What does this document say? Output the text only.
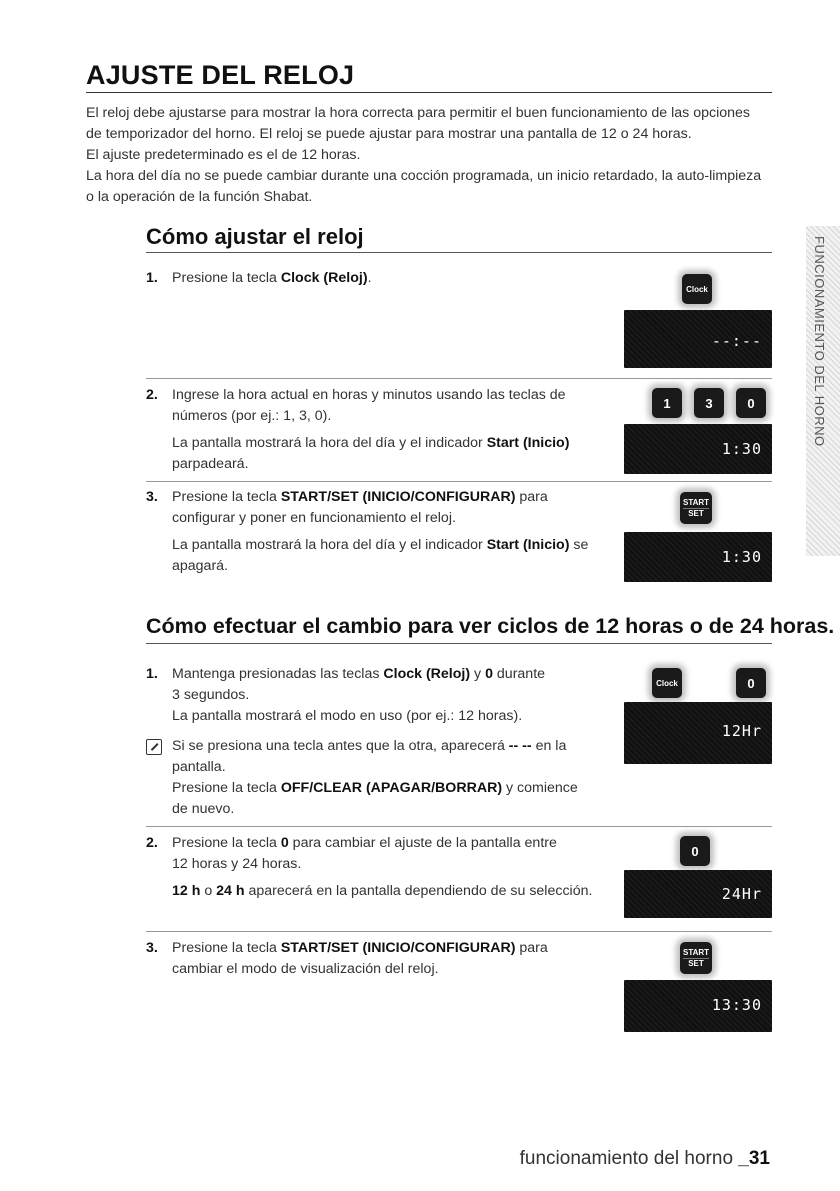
AJUSTE DEL RELOJ

El reloj debe ajustarse para mostrar la hora correcta para permitir el buen funcionamiento de las opciones

de temporizador del horno. El reloj se puede ajustar para mostrar una pantalla de 12 o 24 horas.

El ajuste predeterminado es el de 12 horas.

La hora del día no se puede cambiar durante una cocción programada, un inicio retardado, la auto-limpieza

o la operación de la función Shabat.

FUNCIONAMIENTO DEL HORNO
Cómo ajustar el reloj
1. Presione la tecla Clock (Reloj).

Clock
--:--
2. Ingrese la hora actual en horas y minutos usando las teclas de

números (por ej.: 1, 3, 0).

La pantalla mostrará la hora del día y el indicador Start (Inicio)

parpadeará.

1	3	0
1:30
3. Presione la tecla START/SET (INICIO/CONFIGURAR) para

configurar y poner en funcionamiento el reloj.

La pantalla mostrará la hora del día y el indicador Start (Inicio) se

apagará.

START
SET
1:30
Cómo efectuar el cambio para ver ciclos de 12 horas o de 24 horas.
1. Mantenga presionadas las teclas Clock (Reloj) y 0 durante

3 segundos.

La pantalla mostrará el modo en uso (por ej.: 12 horas).

Si se presiona una tecla antes que la otra, aparecerá -- -- en la

pantalla.

Presione la tecla OFF/CLEAR (APAGAR/BORRAR) y comience

de nuevo.

Clock	0
12Hr
2. Presione la tecla 0 para cambiar el ajuste de la pantalla entre

12 horas y 24 horas.

12 h o 24 h aparecerá en la pantalla dependiendo de su selección.

0
24Hr
3. Presione la tecla START/SET (INICIO/CONFIGURAR) para

cambiar el modo de visualización del reloj.

START
SET
13:30
funcionamiento del horno _31
